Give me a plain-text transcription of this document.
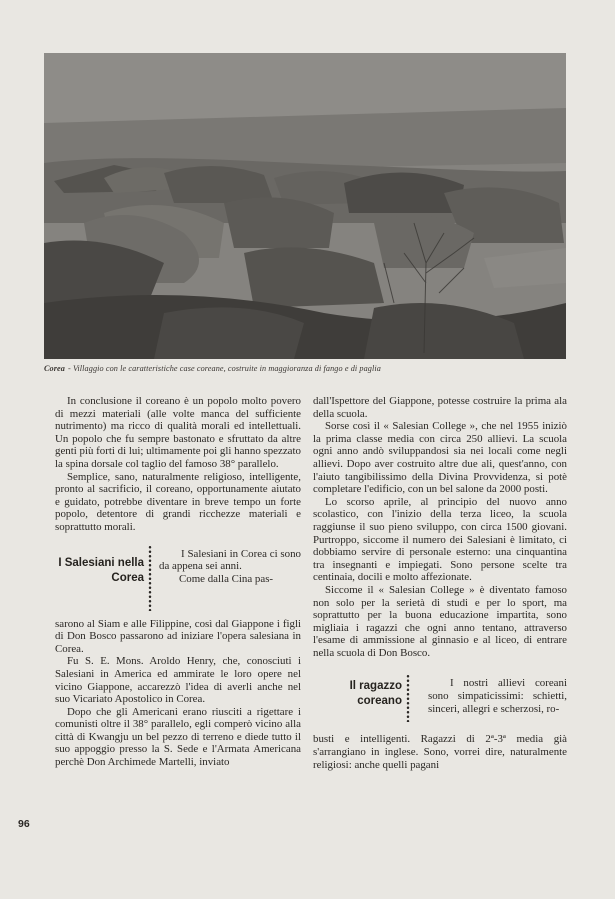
Corea - Villaggio con le caratteristiche case coreane, costruite in maggioranza di fango e di paglia

In conclusione il coreano è un popolo molto povero di mezzi materiali (alle volte manca del sufficiente nutrimento) ma ricco di qualità morali ed intellettuali. Un popolo che fu sempre bastonato e sfruttato da altre genti più forti di lui; ultimamente poi gli hanno spezzato la spina dorsale col taglio del famoso 38° parallelo.

Semplice, sano, naturalmente religioso, intelligente, pronto al sacrificio, il coreano, opportunamente aiutato e guidato, potrebbe diventare in breve tempo un forte popolo, detentore di grandi ricchezze materiali e soprattutto morali.

I Salesiani nella Corea

I Salesiani in Corea ci sono da appena sei anni.

Come dalla Cina pas-

sarono al Siam e alle Filippine, così dal Giappone i figli di Don Bosco passarono ad iniziare l'opera salesiana in Corea.

Fu S. E. Mons. Aroldo Henry, che, conosciuti i Salesiani in America ed ammirate le loro opere nel vicino Giappone, accarezzò l'idea di averli anche nel suo Vicariato Apostolico in Corea.

Dopo che gli Americani erano riusciti a rigettare i comunisti oltre il 38° parallelo, egli comperò vicino alla città di Kwangju un bel pezzo di terreno e diede tutto il suo appoggio presso la S. Sede e l'Armata Americana perchè Don Archimede Martelli, inviato

dall'Ispettore del Giappone, potesse costruire la prima ala della scuola.

Sorse così il « Salesian College », che nel 1955 iniziò la prima classe media con circa 250 allievi. La scuola ogni anno andò sviluppandosi sia nei locali come negli allievi. Dopo aver costruito altre due ali, quest'anno, con l'aiuto tangibilissimo della Divina Provvidenza, si potè completare l'edificio, con un bel salone da 2000 posti.

Lo scorso aprile, al principio del nuovo anno scolastico, con l'inizio della terza liceo, la scuola raggiunse il suo pieno sviluppo, con circa 1500 giovani. Purtroppo, siccome il numero dei Salesiani è limitato, ci dobbiamo servire di personale esterno: una cinquantina tra insegnanti e impiegati. Sono persone scelte tra centinaia, docili e molto affezionate.

Siccome il « Salesian College » è diventato famoso non solo per la serietà di studi e per lo sport, ma soprattutto per la buona educazione impartita, sono migliaia i ragazzi che ogni anno tentano, attraverso l'esame di ammissione al ginnasio e al liceo, di entrare nella scuola di Don Bosco.

Il ragazzo coreano

I nostri allievi coreani sono simpaticissimi: schietti, sinceri, allegri e scherzosi, ro-

busti e intelligenti. Ragazzi di 2ª-3ª media già s'arrangiano in inglese. Sono, vorrei dire, naturalmente religiosi: anche quelli pagani

96
